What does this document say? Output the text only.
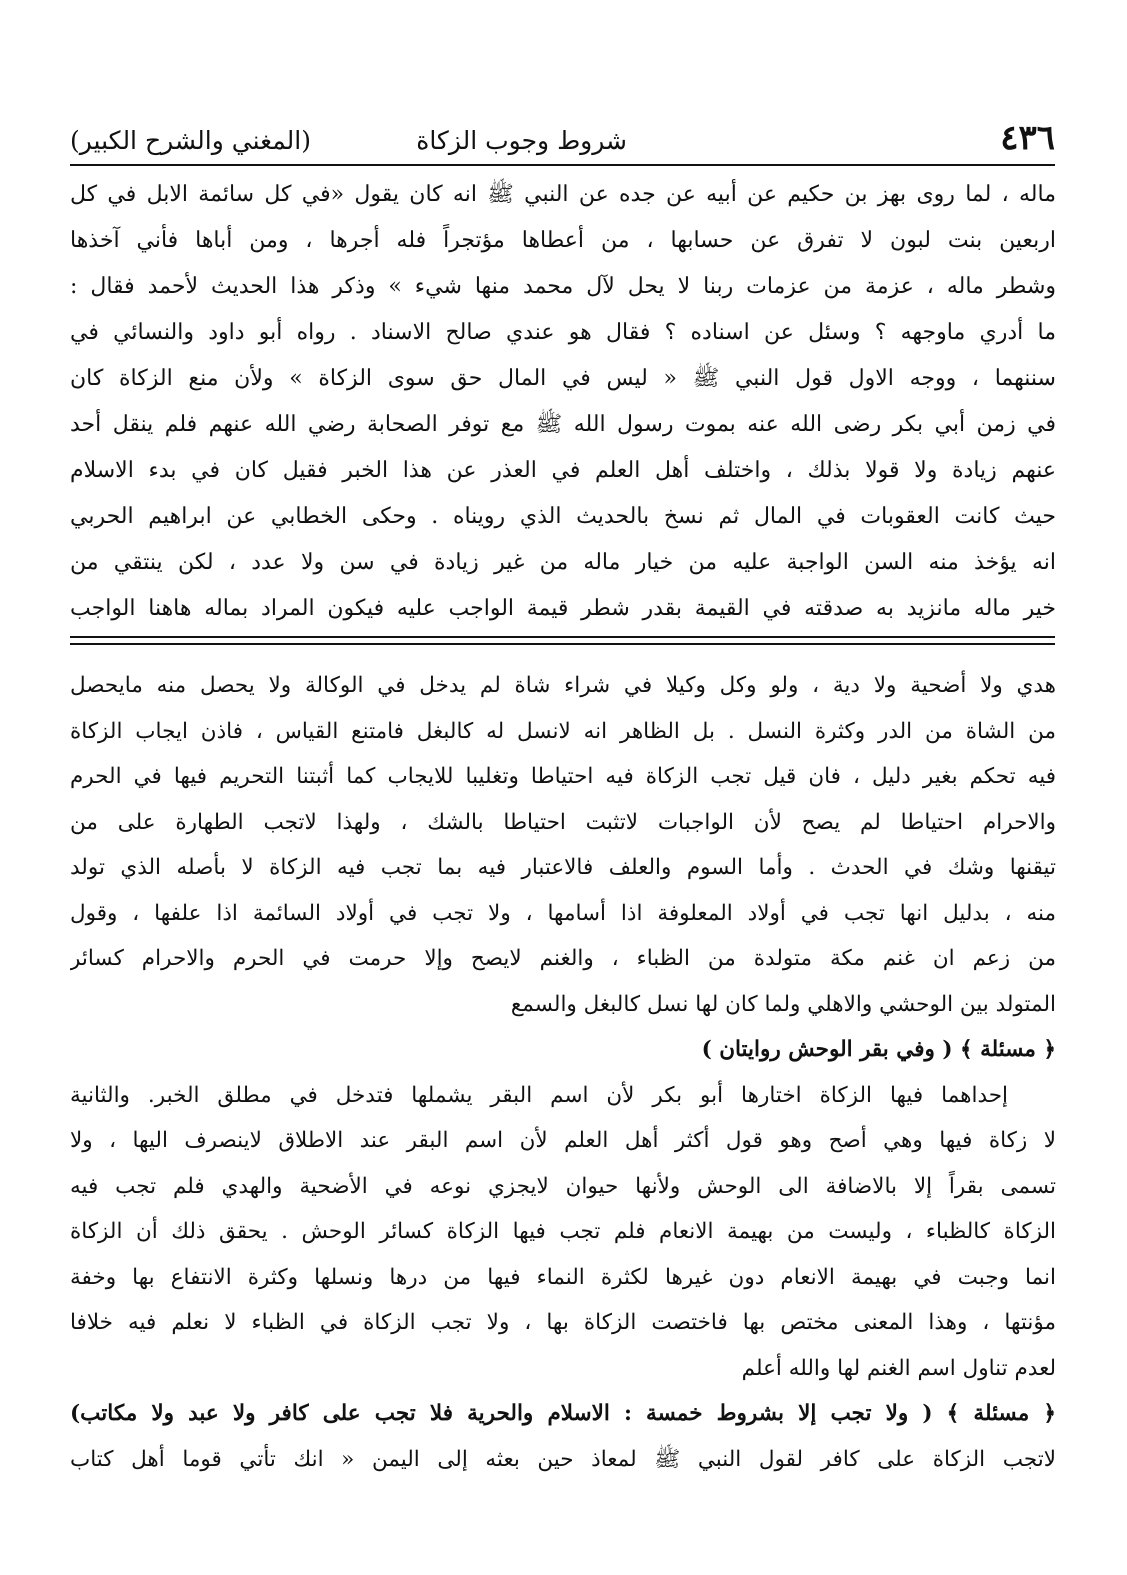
٤٣٦
شروط وجوب الزكاة
(المغني والشرح الكبير)
ماله ، لما روى بهز بن حكيم عن أبيه عن جده عن النبي ﷺ انه كان يقول «في كل سائمة الابل في كل
اربعين بنت لبون لا تفرق عن حسابها ، من أعطاها مؤتجراً فله أجرها ، ومن أباها فأني آخذها
وشطر ماله ، عزمة من عزمات ربنا لا يحل لآل محمد منها شيء » وذكر هذا الحديث لأحمد فقال :
ما أدري ماوجهه ؟ وسئل عن اسناده ؟ فقال هو عندي صالح الاسناد . رواه أبو داود والنسائي في
سننهما ، ووجه الاول قول النبي ﷺ « ليس في المال حق سوى الزكاة » ولأن منع الزكاة كان
في زمن أبي بكر رضى الله عنه بموت رسول الله ﷺ مع توفر الصحابة رضي الله عنهم فلم ينقل أحد
عنهم زيادة ولا قولا بذلك ، واختلف أهل العلم في العذر عن هذا الخبر فقيل كان في بدء الاسلام
حيث كانت العقوبات في المال ثم نسخ بالحديث الذي رويناه . وحكى الخطابي عن ابراهيم الحربي
انه يؤخذ منه السن الواجبة عليه من خيار ماله من غير زيادة في سن ولا عدد ، لكن ينتقي من
خير ماله مانزيد به صدقته في القيمة بقدر شطر قيمة الواجب عليه فيكون المراد بماله هاهنا الواجب
هدي ولا أضحية ولا دية ، ولو وكل وكيلا في شراء شاة لم يدخل في الوكالة ولا يحصل منه مايحصل
من الشاة من الدر وكثرة النسل . بل الظاهر انه لانسل له كالبغل فامتنع القياس ، فاذن ايجاب الزكاة
فيه تحكم بغير دليل ، فان قيل تجب الزكاة فيه احتياطا وتغليبا للايجاب كما أثبتنا التحريم فيها في الحرم
والاحرام احتياطا لم يصح لأن الواجبات لاتثبت احتياطا بالشك ، ولهذا لاتجب الطهارة على من
تيقنها وشك في الحدث . وأما السوم والعلف فالاعتبار فيه بما تجب فيه الزكاة لا بأصله الذي تولد
منه ، بدليل انها تجب في أولاد المعلوفة اذا أسامها ، ولا تجب في أولاد السائمة اذا علفها ، وقول
من زعم ان غنم مكة متولدة من الظباء ، والغنم لايصح وإلا حرمت في الحرم والاحرام كسائر
المتولد بين الوحشي والاهلي ولما كان لها نسل كالبغل والسمع
﴿ مسئلة ﴾ ( وفي بقر الوحش روايتان )
إحداهما فيها الزكاة اختارها أبو بكر لأن اسم البقر يشملها فتدخل في مطلق الخبر. والثانية
لا زكاة فيها وهي أصح وهو قول أكثر أهل العلم لأن اسم البقر عند الاطلاق لاينصرف اليها ، ولا
تسمى بقراً إلا بالاضافة الى الوحش ولأنها حيوان لايجزي نوعه في الأضحية والهدي فلم تجب فيه
الزكاة كالظباء ، وليست من بهيمة الانعام فلم تجب فيها الزكاة كسائر الوحش . يحقق ذلك أن الزكاة
انما وجبت في بهيمة الانعام دون غيرها لكثرة النماء فيها من درها ونسلها وكثرة الانتفاع بها وخفة
مؤنتها ، وهذا المعنى مختص بها فاختصت الزكاة بها ، ولا تجب الزكاة في الظباء لا نعلم فيه خلافا
لعدم تناول اسم الغنم لها والله أعلم
﴿ مسئلة ﴾ ( ولا تجب إلا بشروط خمسة : الاسلام والحرية فلا تجب على كافر ولا عبد ولا مكاتب)
لاتجب الزكاة على كافر لقول النبي ﷺ لمعاذ حين بعثه إلى اليمن « انك تأتي قوما أهل كتاب
